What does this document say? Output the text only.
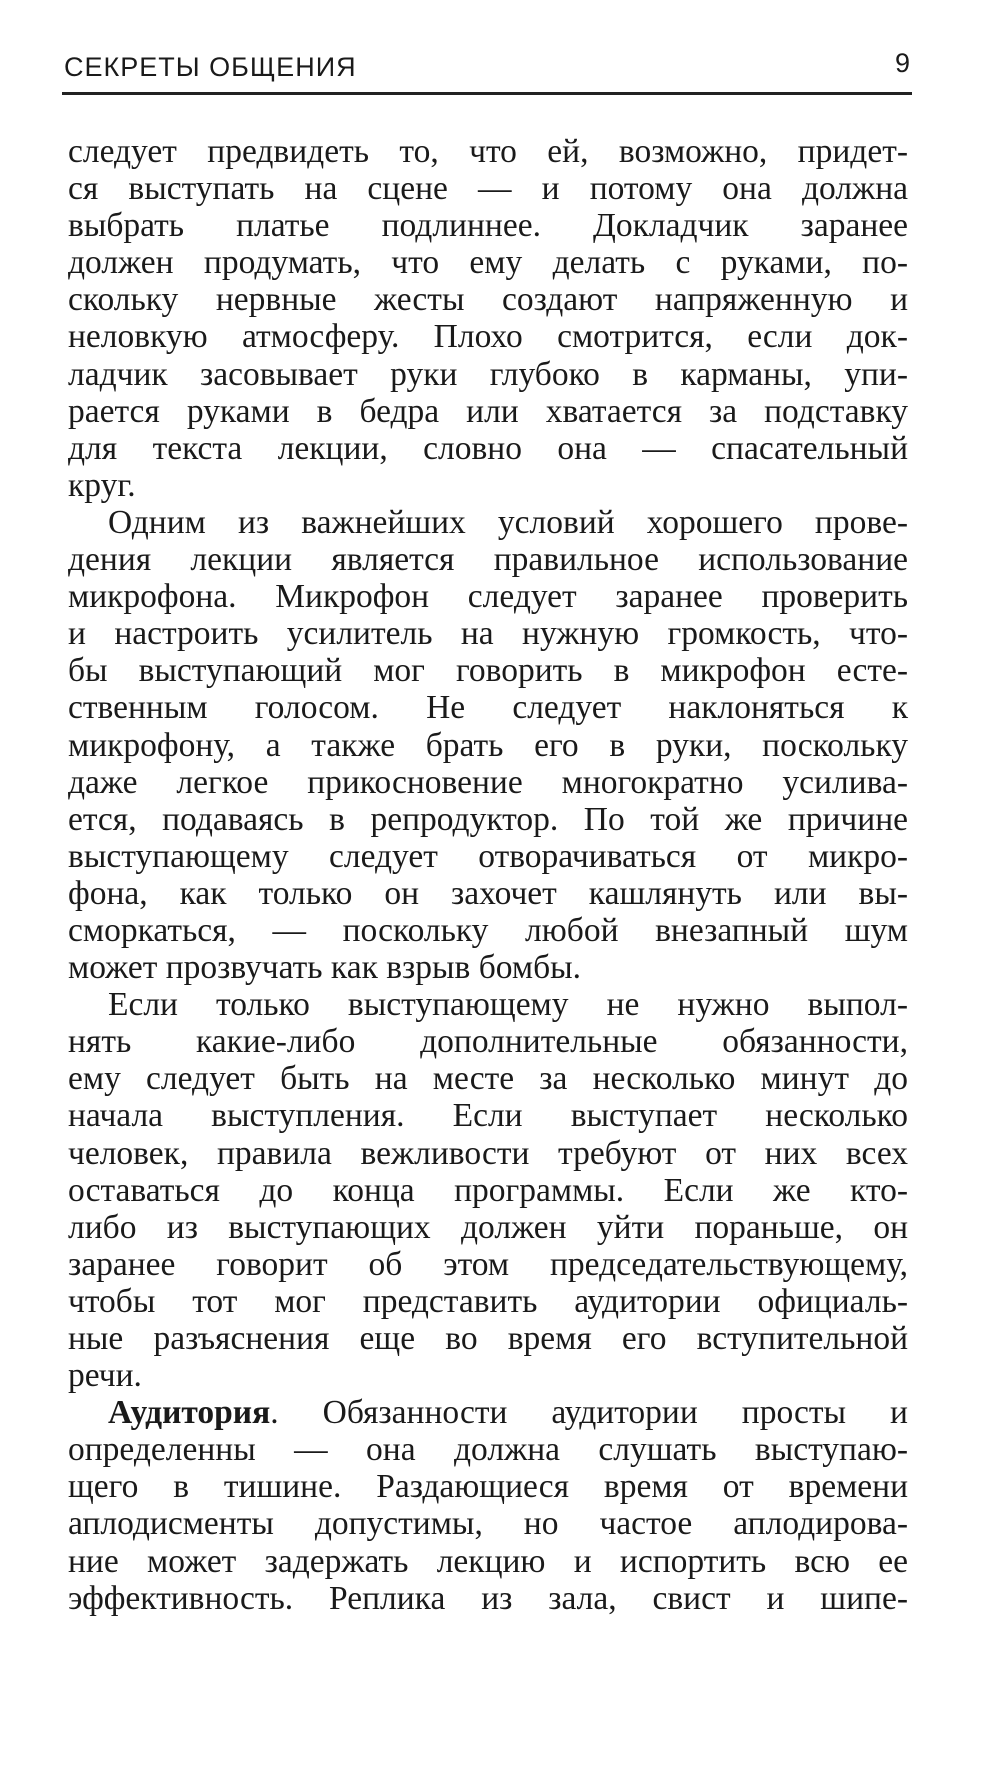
СЕКРЕТЫ ОБЩЕНИЯ	9
следует предвидеть то, что ей, возможно, придет-
ся выступать на сцене — и потому она должна
выбрать платье подлиннее. Докладчик заранее
должен продумать, что ему делать с руками, по-
скольку нервные жесты создают напряженную и
неловкую атмосферу. Плохо смотрится, если док-
ладчик засовывает руки глубоко в карманы, упи-
рается руками в бедра или хватается за подставку
для текста лекции, словно она — спасательный
круг.
Одним из важнейших условий хорошего прове-
дения лекции является правильное использование
микрофона. Микрофон следует заранее проверить
и настроить усилитель на нужную громкость, что-
бы выступающий мог говорить в микрофон есте-
ственным голосом. Не следует наклоняться к
микрофону, а также брать его в руки, поскольку
даже легкое прикосновение многократно усилива-
ется, подаваясь в репродуктор. По той же причине
выступающему следует отворачиваться от микро-
фона, как только он захочет кашлянуть или вы-
сморкаться, — поскольку любой внезапный шум
может прозвучать как взрыв бомбы.
Если только выступающему не нужно выпол-
нять какие-либо дополнительные обязанности,
ему следует быть на месте за несколько минут до
начала выступления. Если выступает несколько
человек, правила вежливости требуют от них всех
оставаться до конца программы. Если же кто-
либо из выступающих должен уйти пораньше, он
заранее говорит об этом председательствующему,
чтобы тот мог представить аудитории официаль-
ные разъяснения еще во время его вступительной
речи.
Аудитория. Обязанности аудитории просты и
определенны — она должна слушать выступаю-
щего в тишине. Раздающиеся время от времени
аплодисменты допустимы, но частое аплодирова-
ние может задержать лекцию и испортить всю ее
эффективность. Реплика из зала, свист и шипе-
